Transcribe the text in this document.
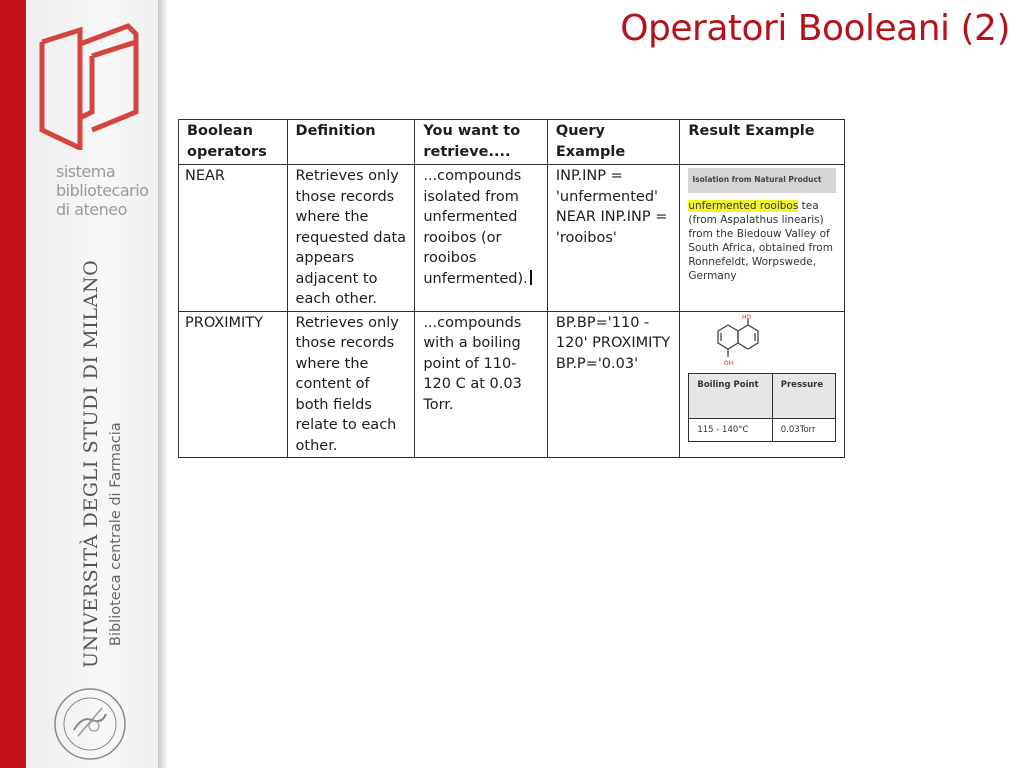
sistema
bibliotecario
di ateneo
UNIVERSITÀ DEGLI STUDI DI MILANO Biblioteca centrale di Farmacia
Operatori Booleani (2)
Boolean operators	Definition	You want to retrieve....	Query Example	Result Example
NEAR	Retrieves only those records where the requested data appears adjacent to each other.	...compounds isolated from unfermented rooibos (or rooibos unfermented).	INP.INP = 'unfermented' NEAR INP.INP = 'rooibos'	
Isolation from Natural Product
unfermented rooibos tea (from Aspalathus linearis) from the Biedouw Valley of South Africa, obtained from Ronnefeldt, Worpswede, Germany

PROXIMITY	Retrieves only those records where the content of both fields relate to each other.	...compounds with a boiling point of 110-120 C at 0.03 Torr.	BP.BP='110 - 120' PROXIMITY BP.P='0.03'	
HO
OH
Boiling Point	Pressure
115 - 140°C	0.03Torr
